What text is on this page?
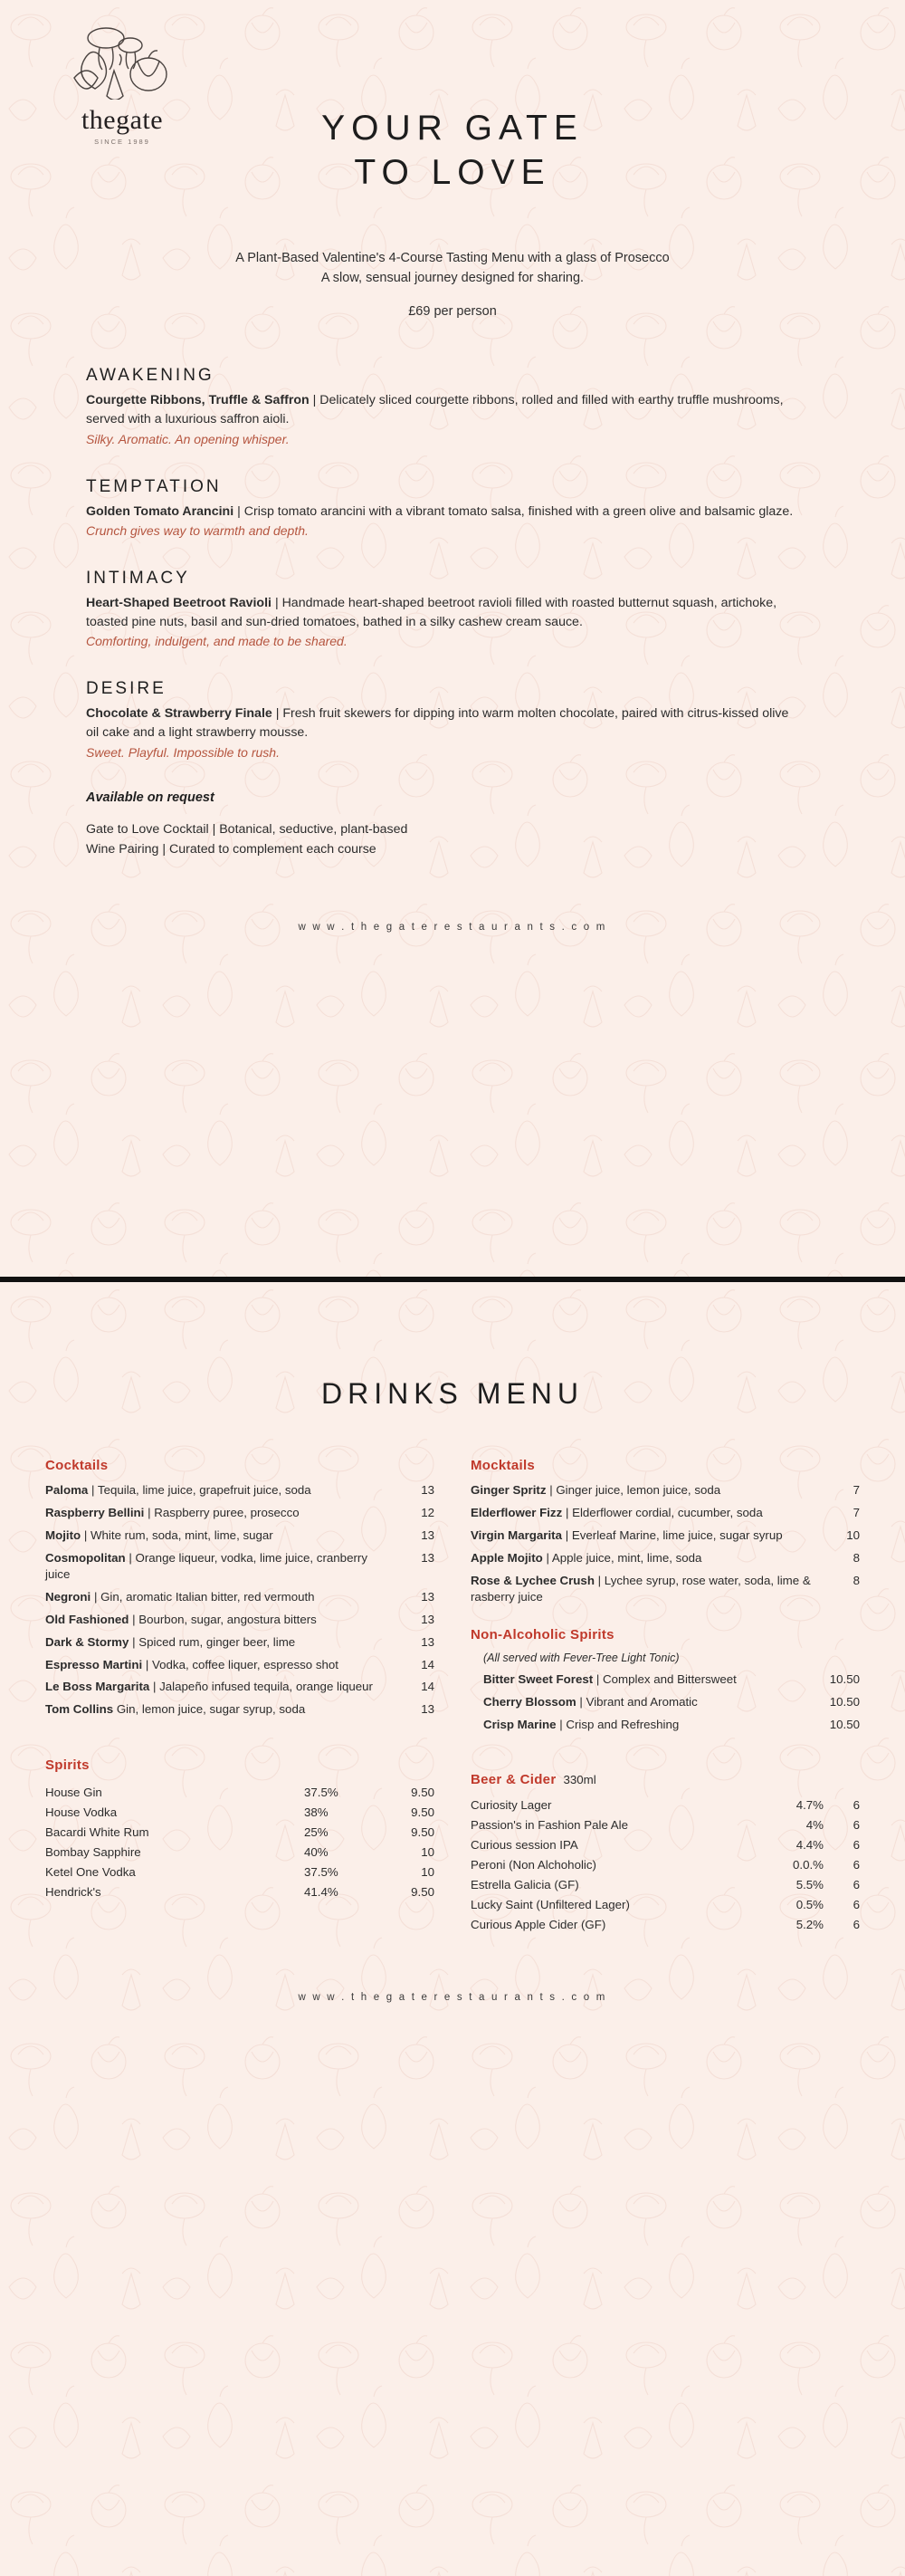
thegate
SINCE 1989	YOUR GATE
TO LOVE
A Plant-Based Valentine's 4-Course Tasting Menu with a glass of Prosecco
A slow, sensual journey designed for sharing.
£69 per person
AWAKENING
Courgette Ribbons, Truffle & Saffron | Delicately sliced courgette ribbons, rolled and filled with earthy truffle mushrooms, served with a luxurious saffron aioli.
Silky. Aromatic. An opening whisper.
TEMPTATION
Golden Tomato Arancini | Crisp tomato arancini with a vibrant tomato salsa, finished with a green olive and balsamic glaze.
Crunch gives way to warmth and depth.
INTIMACY
Heart-Shaped Beetroot Ravioli | Handmade heart-shaped beetroot ravioli filled with roasted butternut squash, artichoke, toasted pine nuts, basil and sun-dried tomatoes, bathed in a silky cashew cream sauce.
Comforting, indulgent, and made to be shared.
DESIRE
Chocolate & Strawberry Finale | Fresh fruit skewers for dipping into warm molten chocolate, paired with citrus-kissed olive oil cake and a light strawberry mousse.
Sweet. Playful. Impossible to rush.
Available on request

Gate to Love Cocktail | Botanical, seductive, plant-based

Wine Pairing | Curated to complement each course

w w w . t h e g a t e r e s t a u r a n t s . c o m
DRINKS MENU
Cocktails
Paloma | Tequila, lime juice, grapefruit juice, soda	13
Raspberry Bellini | Raspberry puree, prosecco	12
Mojito | White rum, soda, mint, lime, sugar	13
Cosmopolitan | Orange liqueur, vodka, lime juice, cranberry juice
13
Negroni | Gin, aromatic Italian bitter, red vermouth	13
Old Fashioned | Bourbon, sugar, angostura bitters	13
Dark & Stormy | Spiced rum, ginger beer, lime	13
Espresso Martini | Vodka, coffee liquer, espresso shot	14
Le Boss Margarita | Jalapeño infused tequila, orange liqueur	14
Tom Collins Gin, lemon juice, sugar syrup, soda	13
Spirits
House Gin	37.5%	9.50
House Vodka	38%	9.50
Bacardi White Rum	25%	9.50
Bombay Sapphire	40%	10
Ketel One Vodka	37.5%	10
Hendrick's	41.4%	9.50
Mocktails
Ginger Spritz | Ginger juice, lemon juice, soda	7
Elderflower Fizz | Elderflower cordial, cucumber, soda	7
Virgin Margarita | Everleaf Marine, lime juice, sugar syrup	10
Apple Mojito | Apple juice, mint, lime, soda	8
Rose & Lychee Crush | Lychee syrup, rose water, soda, lime & rasberry juice
8
Non-Alcoholic Spirits
(All served with Fever-Tree Light Tonic)
Bitter Sweet Forest | Complex and Bittersweet	10.50
Cherry Blossom | Vibrant and Aromatic	10.50
Crisp Marine | Crisp and Refreshing	10.50
Beer & Cider 330ml
Curiosity Lager	4.7%	6
Passion's in Fashion Pale Ale	4%	6
Curious session IPA	4.4%	6
Peroni (Non Alchoholic)	0.0.%	6
Estrella Galicia (GF)	5.5%	6
Lucky Saint (Unfiltered Lager)	0.5%	6
Curious Apple Cider (GF)	5.2%	6
w w w . t h e g a t e r e s t a u r a n t s . c o m
